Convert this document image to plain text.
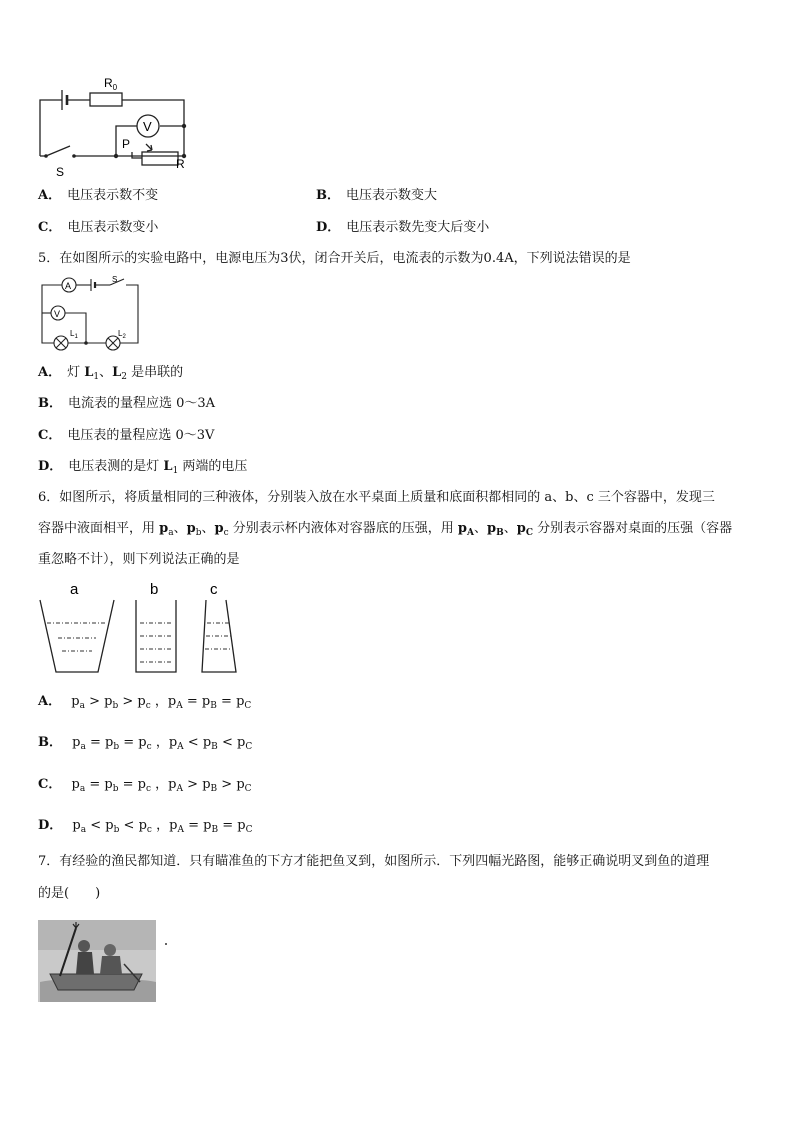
V
$R_0$
P
R
S
A． 电压表示数不变	B． 电压表示数变大
C． 电压表示数变小	D． 电压表示数先变大后变小
5．在如图所示的实验电路中，电源电压为3伏，闭合开关后，电流表的示数为0.4A，下列说法错误的是
A
V
S
$L_1$	$L_2$
A． 灯 $L_1$、$L_2$ 是串联的
B． 电流表的量程应选 0～3A
C． 电压表的量程应选 0～3V
D． 电压表测的是灯 $L_1$ 两端的电压
6．如图所示，将质量相同的三种液体，分别装入放在水平桌面上质量和底面积都相同的 a、b、c 三个容器中，发现三
容器中液面相平，用 $p_a$、$p_b$、$p_c$ 分别表示杯内液体对容器底的压强，用 $p_A$、$p_B$、$p_C$ 分别表示容器对桌面的压强（容器
重忽略不计），则下列说法正确的是
a	b	c
A． $p_a > p_b > p_c$ ，$p_A = p_B = p_C$
B． $p_a = p_b = p_c$ ，$p_A < p_B < p_C$
C． $p_a = p_b = p_c$ ，$p_A > p_B > p_C$
D． $p_a < p_b < p_c$ ，$p_A = p_B = p_C$
7．有经验的渔民都知道．只有瞄准鱼的下方才能把鱼叉到，如图所示．下列四幅光路图，能够正确说明叉到鱼的道理
的是(　　)
